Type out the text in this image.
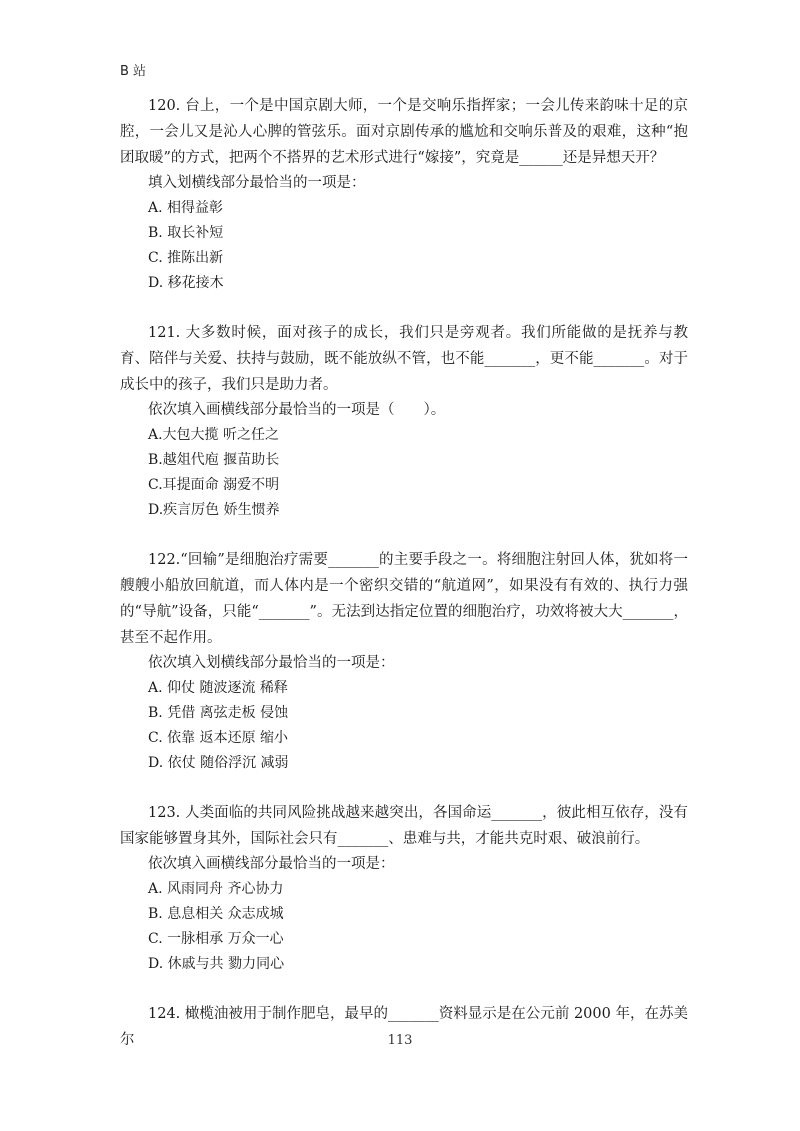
B 站

120. 台上，一个是中国京剧大师，一个是交响乐指挥家；一会儿传来韵味十足的京腔，一会儿又是沁人心脾的管弦乐。面对京剧传承的尴尬和交响乐普及的艰难，这种“抱团取暖”的方式，把两个不搭界的艺术形式进行“嫁接”，究竟是______还是异想天开？

填入划横线部分最恰当的一项是：

A. 相得益彰

B. 取长补短

C. 推陈出新

D. 移花接木

121. 大多数时候，面对孩子的成长，我们只是旁观者。我们所能做的是抚养与教育、陪伴与关爱、扶持与鼓励，既不能放纵不管，也不能_______，更不能_______。对于成长中的孩子，我们只是助力者。

依次填入画横线部分最恰当的一项是（　　）。

A.大包大揽 听之任之

B.越俎代庖 揠苗助长

C.耳提面命 溺爱不明

D.疾言厉色 娇生惯养

122.“回输”是细胞治疗需要_______的主要手段之一。将细胞注射回人体，犹如将一艘艘小船放回航道，而人体内是一个密织交错的“航道网”，如果没有有效的、执行力强的“导航”设备，只能“_______”。无法到达指定位置的细胞治疗，功效将被大大_______，甚至不起作用。

依次填入划横线部分最恰当的一项是：

A. 仰仗 随波逐流 稀释

B. 凭借 离弦走板 侵蚀

C. 依靠 返本还原 缩小

D. 依仗 随俗浮沉 减弱

123. 人类面临的共同风险挑战越来越突出，各国命运_______，彼此相互依存，没有国家能够置身其外，国际社会只有_______、患难与共，才能共克时艰、破浪前行。

依次填入画横线部分最恰当的一项是：

A. 风雨同舟 齐心协力

B. 息息相关 众志成城

C. 一脉相承 万众一心

D. 休戚与共 勠力同心

124. 橄榄油被用于制作肥皂，最早的_______资料显示是在公元前 2000 年，在苏美尔	113
